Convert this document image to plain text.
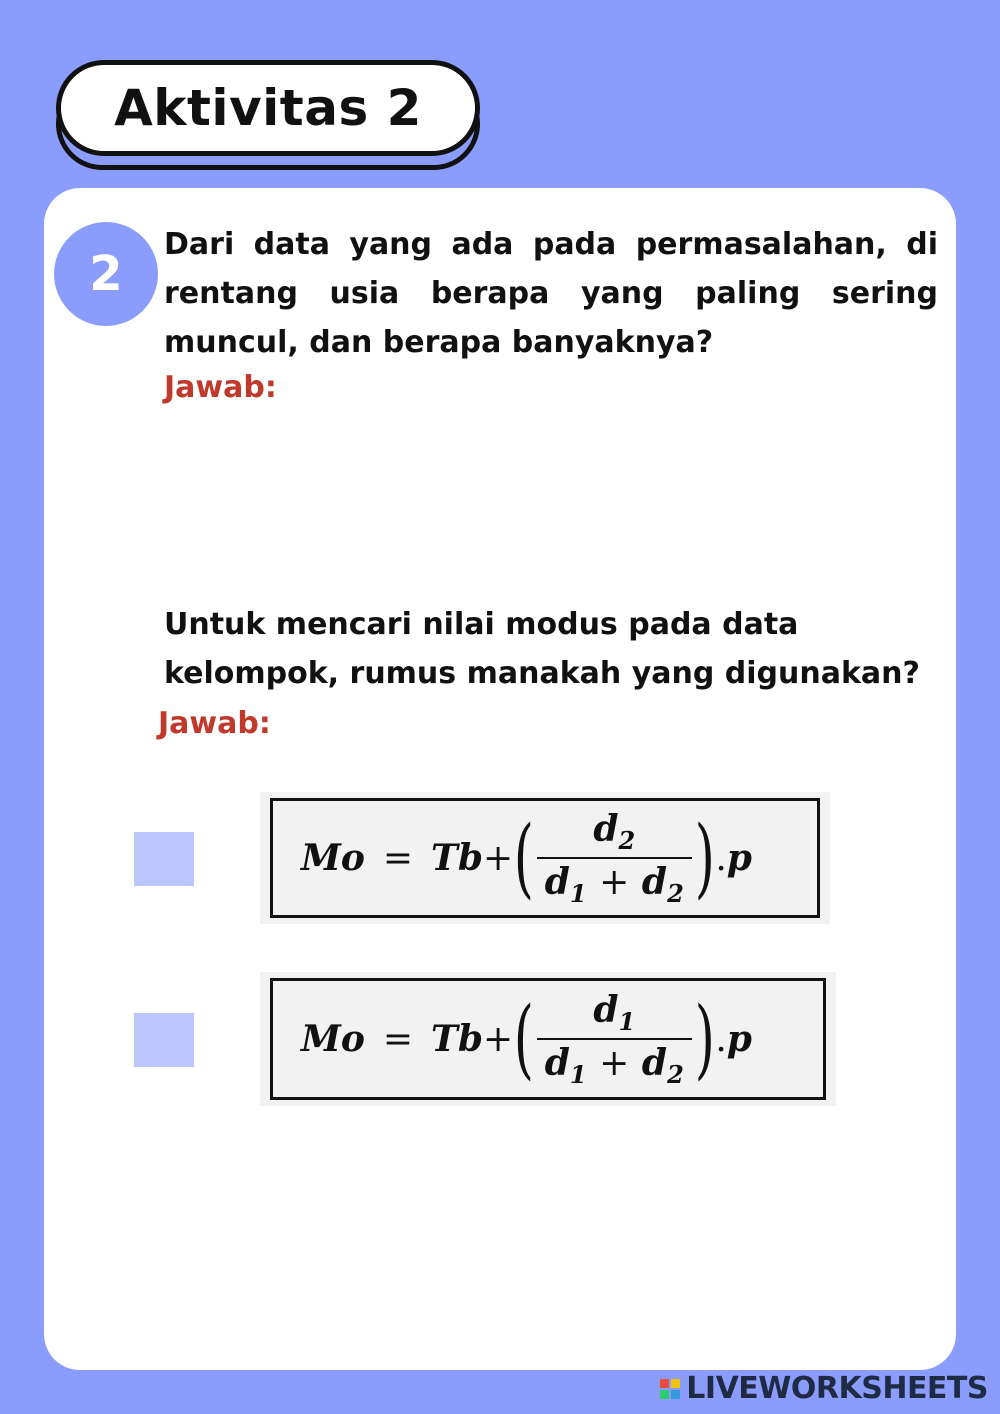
Aktivitas 2
2
Dari data yang ada pada permasalahan, di rentang usia berapa yang paling sering muncul, dan berapa banyaknya?
Jawab:
Untuk mencari nilai modus pada data kelompok, rumus manakah yang digunakan?
Jawab:
Mo = Tb + ( $\frac{d_2}{d_1 + d_2}$ ) . p
Mo = Tb + ( $\frac{d_1}{d_1 + d_2}$ ) . p
LIVEWORKSHEETS
